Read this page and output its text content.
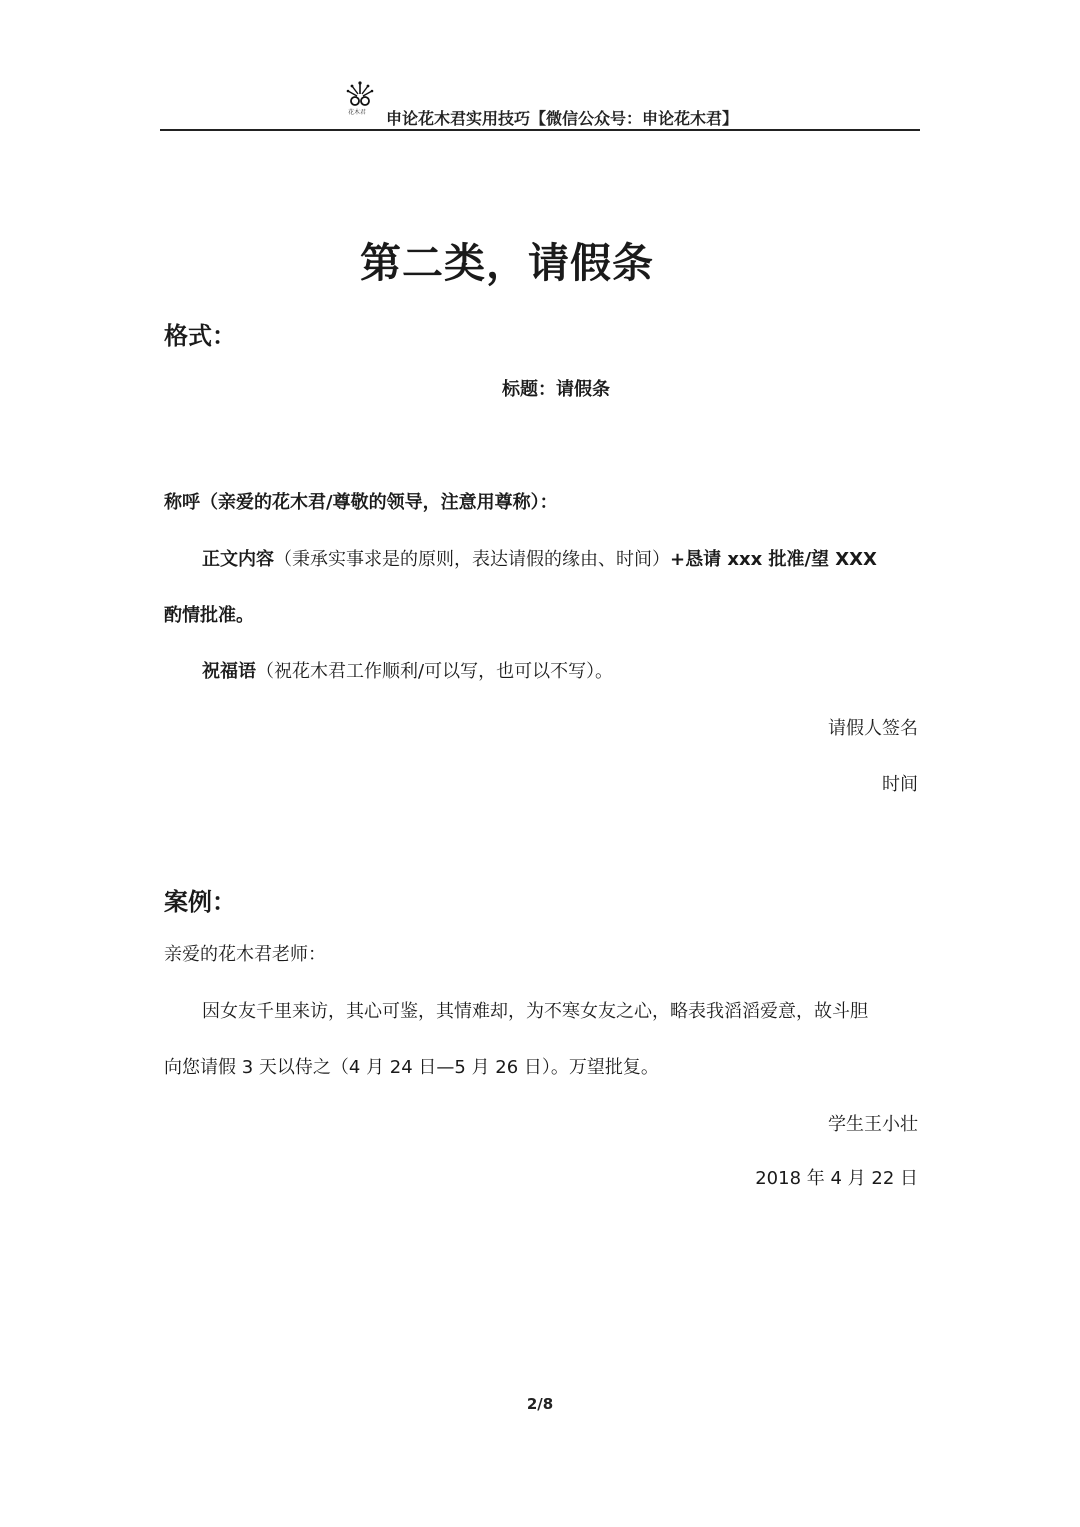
花木君 申论花木君实用技巧【微信公众号：申论花木君】
第二类，请假条
格式：
标题：请假条
称呼（亲爱的花木君/尊敬的领导，注意用尊称）：
正文内容（秉承实事求是的原则，表达请假的缘由、时间）+恳请 xxx 批准/望 XXX
酌情批准。
祝福语（祝花木君工作顺利/可以写，也可以不写）。
请假人签名
时间
案例：
亲爱的花木君老师：
因女友千里来访，其心可鉴，其情难却，为不寒女友之心，略表我滔滔爱意，故斗胆
向您请假 3 天以侍之（4 月 24 日—5 月 26 日）。万望批复。
学生王小壮
2018 年 4 月 22 日
2/8
